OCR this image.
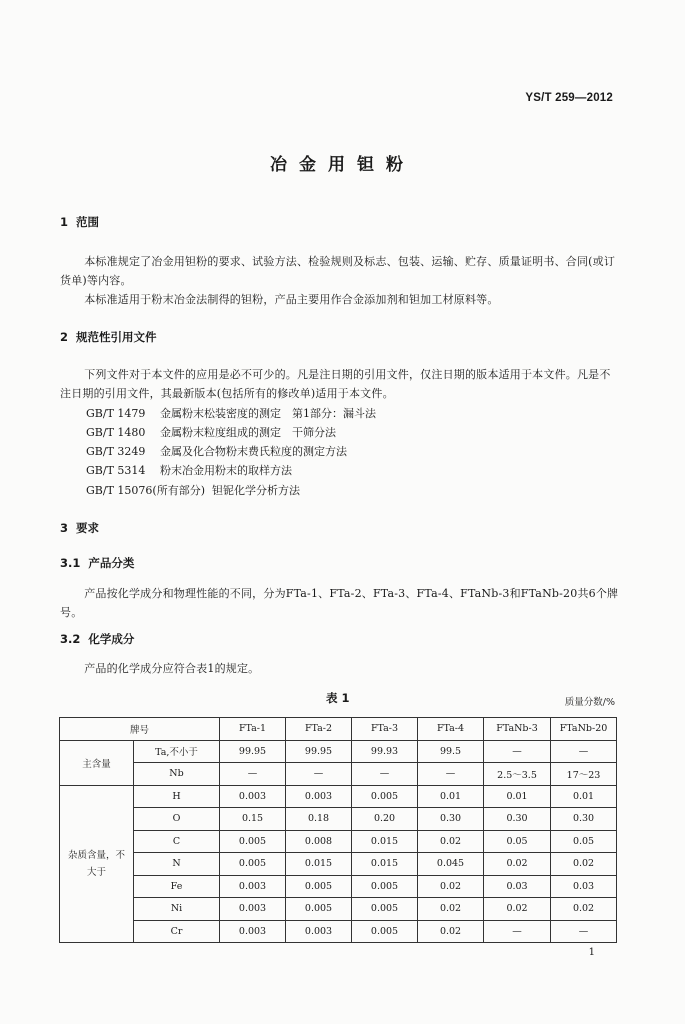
YS/T 259—2012
冶金用钽粉
1 范围
本标准规定了冶金用钽粉的要求、试验方法、检验规则及标志、包装、运输、贮存、质量证明书、合同(或订货单)等内容。
本标准适用于粉末冶金法制得的钽粉，产品主要用作合金添加剂和钽加工材原料等。
2 规范性引用文件
下列文件对于本文件的应用是必不可少的。凡是注日期的引用文件，仅注日期的版本适用于本文件。凡是不注日期的引用文件，其最新版本(包括所有的修改单)适用于本文件。
GB/T 1479 金属粉末松装密度的测定　第1部分：漏斗法
GB/T 1480 金属粉末粒度组成的测定　干筛分法
GB/T 3249 金属及化合物粉末费氏粒度的测定方法
GB/T 5314 粉末冶金用粉末的取样方法
GB/T 15076(所有部分) 钽铌化学分析方法
3 要求
3.1 产品分类
产品按化学成分和物理性能的不同，分为FTa-1、FTa-2、FTa-3、FTa-4、FTaNb-3和FTaNb-20共6个牌号。
3.2 化学成分
产品的化学成分应符合表1的规定。
表 1	质量分数/%
牌号		FTa-1	FTa-2	FTa-3	FTa-4	FTaNb-3	FTaNb-20
主含量	Ta,不小于	99.95	99.95	99.93	99.5	—	—
	Nb	—	—	—	—	2.5～3.5	17～23
杂质含量，不大于	H	0.003	0.003	0.005	0.01	0.01	0.01
	O	0.15	0.18	0.20	0.30	0.30	0.30
	C	0.005	0.008	0.015	0.02	0.05	0.05
	N	0.005	0.015	0.015	0.045	0.02	0.02
	Fe	0.003	0.005	0.005	0.02	0.03	0.03
	Ni	0.003	0.005	0.005	0.02	0.02	0.02
	Cr	0.003	0.003	0.005	0.02	—	—
1
